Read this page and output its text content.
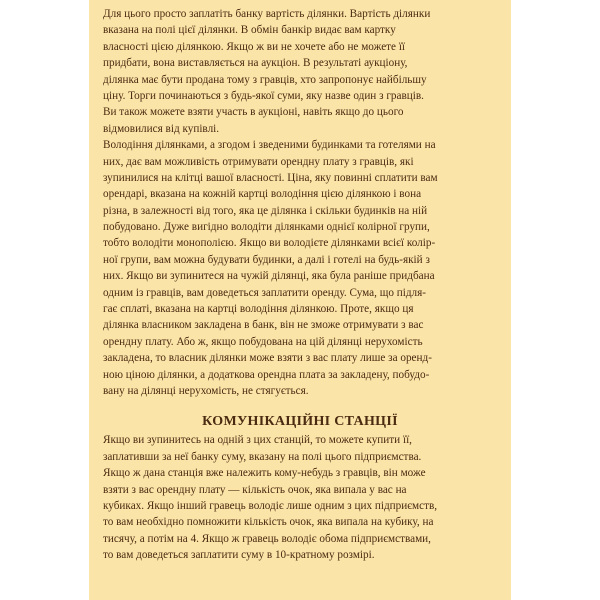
Для цього просто заплатіть банку вартість ділянки. Вартість ділянки
вказана на полі цієї ділянки. В обмін банкір видає вам картку
власності цією ділянкою. Якщо ж ви не хочете або не можете її
придбати, вона виставляється на аукціон. В результаті аукціону,
ділянка має бути продана тому з гравців, хто запропонує найбільшу
ціну. Торги починаються з будь-якої суми, яку назве один з гравців.
Ви також можете взяти участь в аукціоні, навіть якщо до цього
відмовилися від купівлі.
Володіння ділянками, а згодом і зведеними будинками та готелями на
них, дає вам можливість отримувати орендну плату з гравців, які
зупинилися на клітці вашої власності. Ціна, яку повинні сплатити вам
орендарі, вказана на кожній картці володіння цією ділянкою і вона
різна, в залежності від того, яка це ділянка і скільки будинків на ній
побудовано. Дуже вигідно володіти ділянками однієї колірної групи,
тобто володіти монополією. Якщо ви володієте ділянками всієї колір-
ної групи, вам можна будувати будинки, а далі і готелі на будь-якій з
них. Якщо ви зупинитеся на чужій ділянці, яка була раніше придбана
одним із гравців, вам доведеться заплатити оренду. Сума, що підля-
гає сплаті, вказана на картці володіння ділянкою. Проте, якщо ця
ділянка власником закладена в банк, він не зможе отримувати з вас
орендну плату. Або ж, якщо побудована на цій ділянці нерухомість
закладена, то власник ділянки може взяти з вас плату лише за оренд-
ною ціною ділянки, а додаткова орендна плата за закладену, побудо-
вану на ділянці нерухомість, не стягується.
КОМУНІКАЦІЙНІ СТАНЦІЇ
Якщо ви зупинитесь на одній з цих станцій, то можете купити її,
заплативши за неї банку суму, вказану на полі цього підприємства.
Якщо ж дана станція вже належить кому-небудь з гравців, він може
взяти з вас орендну плату — кількість очок, яка випала у вас на
кубиках. Якщо інший гравець володіє лише одним з цих підприємств,
то вам необхідно помножити кількість очок, яка випала на кубику, на
тисячу, а потім на 4. Якщо ж гравець володіє обома підприємствами,
то вам доведеться заплатити суму в 10-кратному розмірі.
